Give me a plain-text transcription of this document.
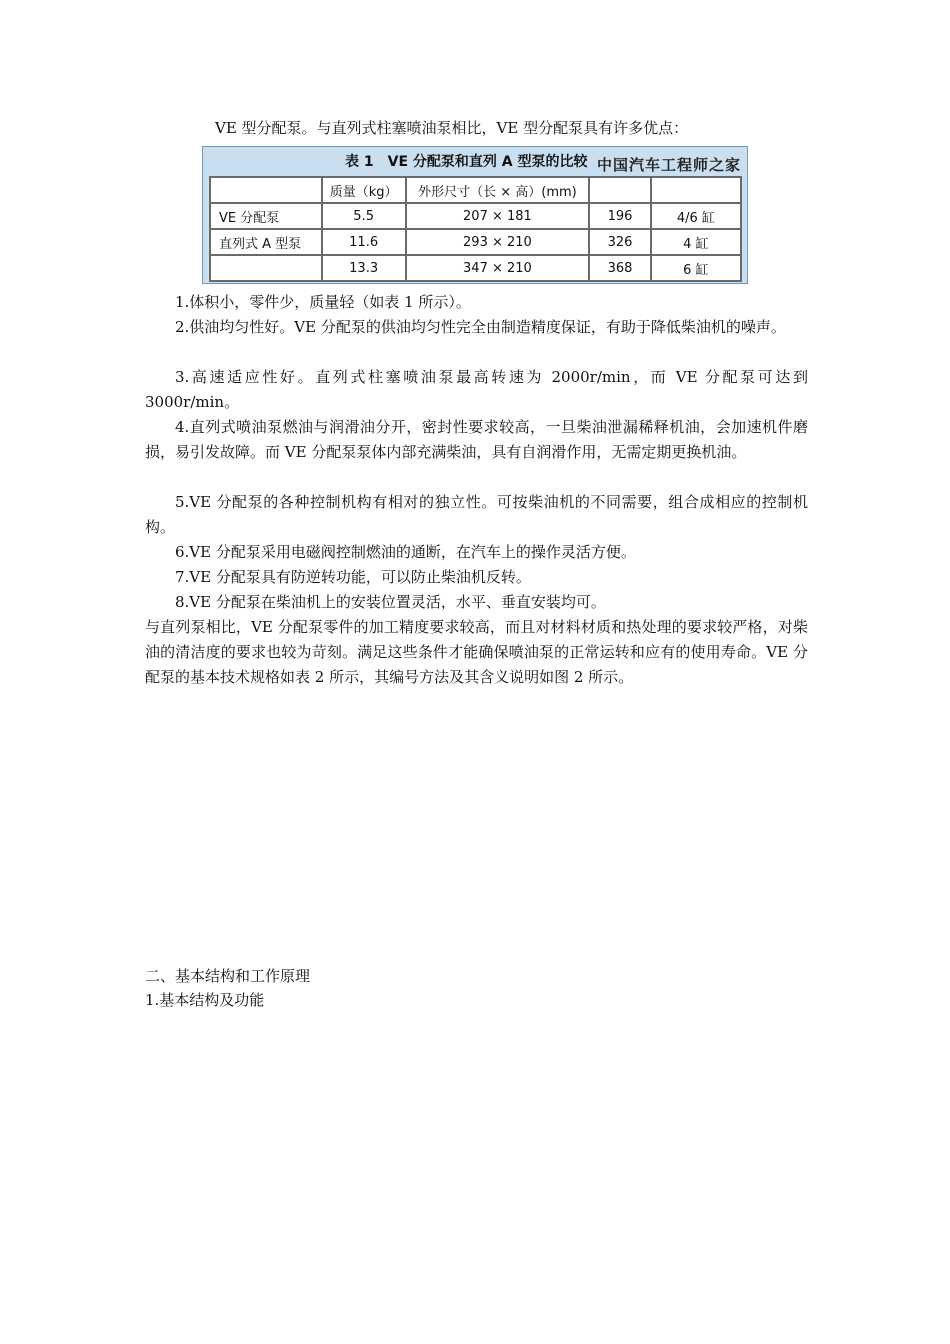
VE 型分配泵。与直列式柱塞喷油泵相比，VE 型分配泵具有许多优点：
表 1　VE 分配泵和直列 A 型泵的比较 中国汽车工程师之家
	质量（kg）	外形尺寸（长 × 高）(mm)		
VE 分配泵	5.5	207 × 181	196	4/6 缸
直列式 A 型泵	11.6	293 × 210	326	4 缸
	13.3	347 × 210	368	6 缸
1.体积小，零件少，质量轻（如表 1 所示）。
2.供油均匀性好。VE 分配泵的供油均匀性完全由制造精度保证，有助于降低柴油机的噪声。
3.高速适应性好。直列式柱塞喷油泵最高转速为 2000r/min，而 VE 分配泵可达到3000r/min。
4.直列式喷油泵燃油与润滑油分开，密封性要求较高，一旦柴油泄漏稀释机油，会加速机件磨损，易引发故障。而 VE 分配泵泵体内部充满柴油，具有自润滑作用，无需定期更换机油。
5.VE 分配泵的各种控制机构有相对的独立性。可按柴油机的不同需要，组合成相应的控制机构。
6.VE 分配泵采用电磁阀控制燃油的通断，在汽车上的操作灵活方便。
7.VE 分配泵具有防逆转功能，可以防止柴油机反转。
8.VE 分配泵在柴油机上的安装位置灵活，水平、垂直安装均可。
与直列泵相比，VE 分配泵零件的加工精度要求较高，而且对材料材质和热处理的要求较严格，对柴油的清洁度的要求也较为苛刻。满足这些条件才能确保喷油泵的正常运转和应有的使用寿命。VE 分配泵的基本技术规格如表 2 所示，其编号方法及其含义说明如图 2 所示。
二、基本结构和工作原理
1.基本结构及功能
